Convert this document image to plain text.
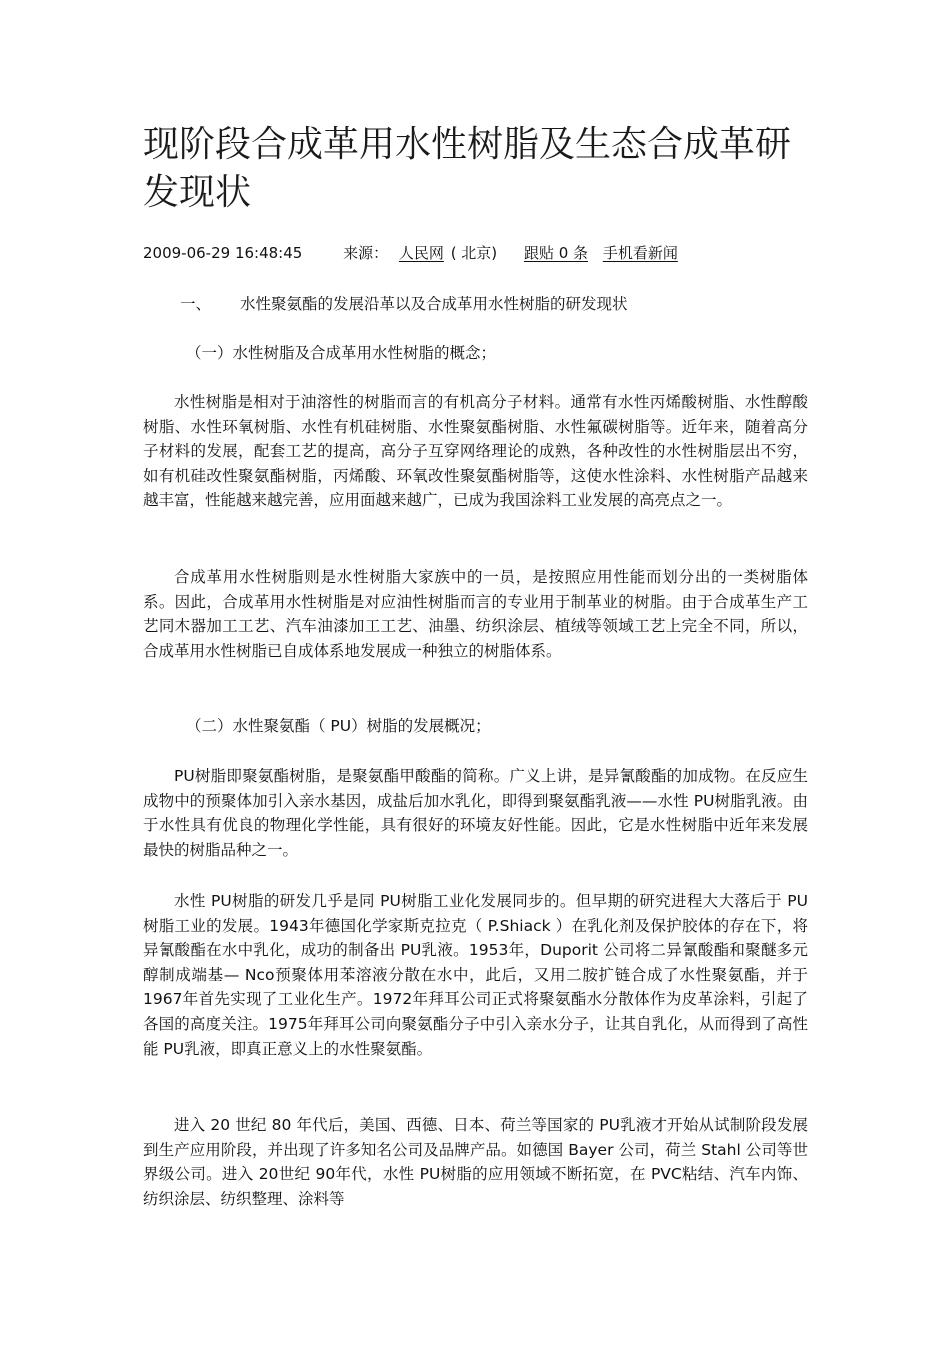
现阶段合成革用水性树脂及生态合成革研发现状
2009-06-29 16:48:45	来源： 人民网 ( 北京) 跟贴 0 条 手机看新闻

一、 水性聚氨酯的发展沿革以及合成革用水性树脂的研发现状

（一）水性树脂及合成革用水性树脂的概念；

水性树脂是相对于油溶性的树脂而言的有机高分子材料。通常有水性丙烯酸树脂、水性醇酸树脂、水性环氧树脂、水性有机硅树脂、水性聚氨酯树脂、水性氟碳树脂等。近年来，随着高分子材料的发展，配套工艺的提高，高分子互穿网络理论的成熟，各种改性的水性树脂层出不穷，如有机硅改性聚氨酯树脂，丙烯酸、环氧改性聚氨酯树脂等，这使水性涂料、水性树脂产品越来越丰富，性能越来越完善，应用面越来越广，已成为我国涂料工业发展的高亮点之一。

合成革用水性树脂则是水性树脂大家族中的一员，是按照应用性能而划分出的一类树脂体系。因此，合成革用水性树脂是对应油性树脂而言的专业用于制革业的树脂。由于合成革生产工艺同木器加工工艺、汽车油漆加工工艺、油墨、纺织涂层、植绒等领域工艺上完全不同，所以，合成革用水性树脂已自成体系地发展成一种独立的树脂体系。

（二）水性聚氨酯（ PU）树脂的发展概况；

PU树脂即聚氨酯树脂，是聚氨酯甲酸酯的简称。广义上讲，是异氰酸酯的加成物。在反应生成物中的预聚体加引入亲水基因，成盐后加水乳化，即得到聚氨酯乳液——水性 PU树脂乳液。由于水性具有优良的物理化学性能，具有很好的环境友好性能。因此，它是水性树脂中近年来发展最快的树脂品种之一。

水性 PU树脂的研发几乎是同 PU树脂工业化发展同步的。但早期的研究进程大大落后于 PU树脂工业的发展。1943年德国化学家斯克拉克（ P.Shiack ）在乳化剂及保护胶体的存在下，将异氰酸酯在水中乳化，成功的制备出 PU乳液。1953年，Duporit 公司将二异氰酸酯和聚醚多元醇制成端基— Nco预聚体用苯溶液分散在水中，此后，又用二胺扩链合成了水性聚氨酯，并于 1967年首先实现了工业化生产。1972年拜耳公司正式将聚氨酯水分散体作为皮革涂料，引起了各国的高度关注。1975年拜耳公司向聚氨酯分子中引入亲水分子，让其自乳化，从而得到了高性能 PU乳液，即真正意义上的水性聚氨酯。

进入 20 世纪 80 年代后，美国、西德、日本、荷兰等国家的 PU乳液才开始从试制阶段发展到生产应用阶段，并出现了许多知名公司及品牌产品。如德国 Bayer 公司，荷兰 Stahl 公司等世界级公司。进入 20世纪 90年代，水性 PU树脂的应用领域不断拓宽，在 PVC粘结、汽车内饰、纺织涂层、纺织整理、涂料等
